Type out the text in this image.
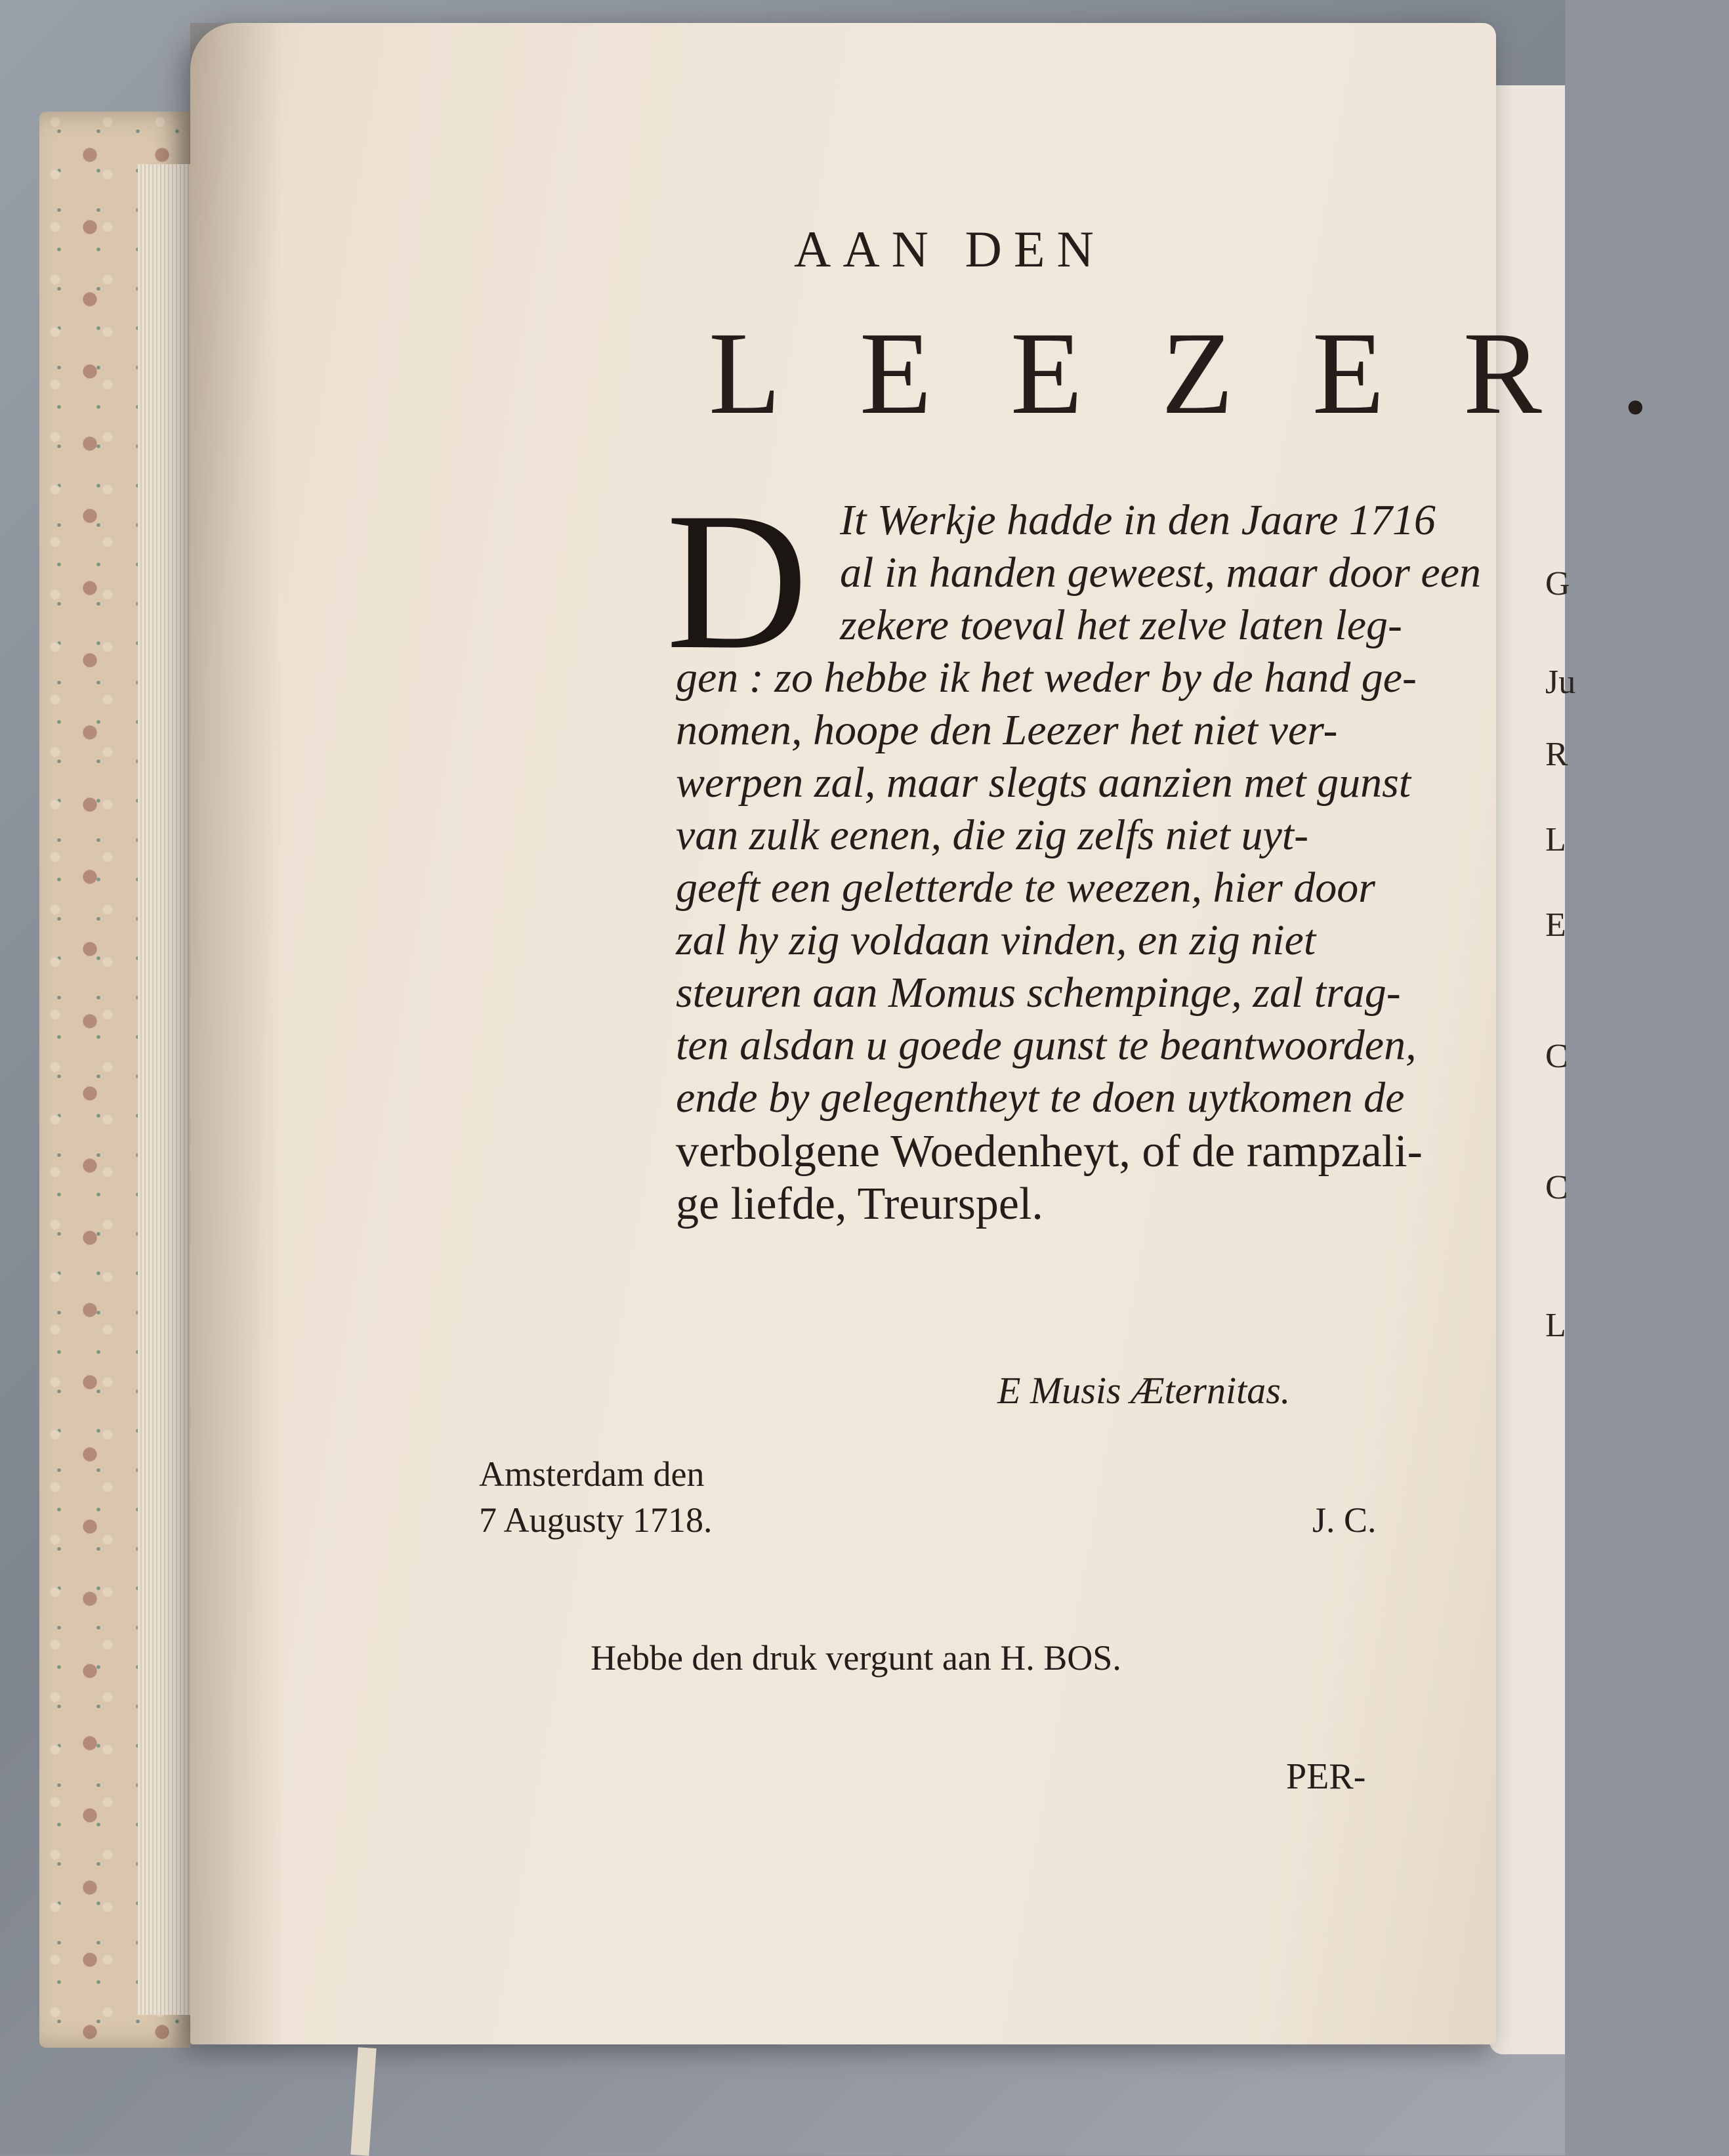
G
Ju
R
L
E
C
C
L
AAN DEN
LEEZER.
D It Werkje hadde in den Jaare 1716
al in handen geweest, maar door een
zekere toeval het zelve laten leg-
gen : zo hebbe ik het weder by de hand ge-
nomen, hoope den Leezer het niet ver-
werpen zal, maar slegts aanzien met gunst
van zulk eenen, die zig zelfs niet uyt-
geeft een geletterde te weezen, hier door
zal hy zig voldaan vinden, en zig niet
steuren aan Momus schempinge, zal trag-
ten alsdan u goede gunst te beantwoorden,
ende by gelegentheyt te doen uytkomen de
verbolgene Woedenheyt, of de rampzali-
ge liefde, Treurspel.
E Musis Æternitas.
Amsterdam den
7 Augusty 1718.	J. C.
Hebbe den druk vergunt aan H. BOS.
PER-
